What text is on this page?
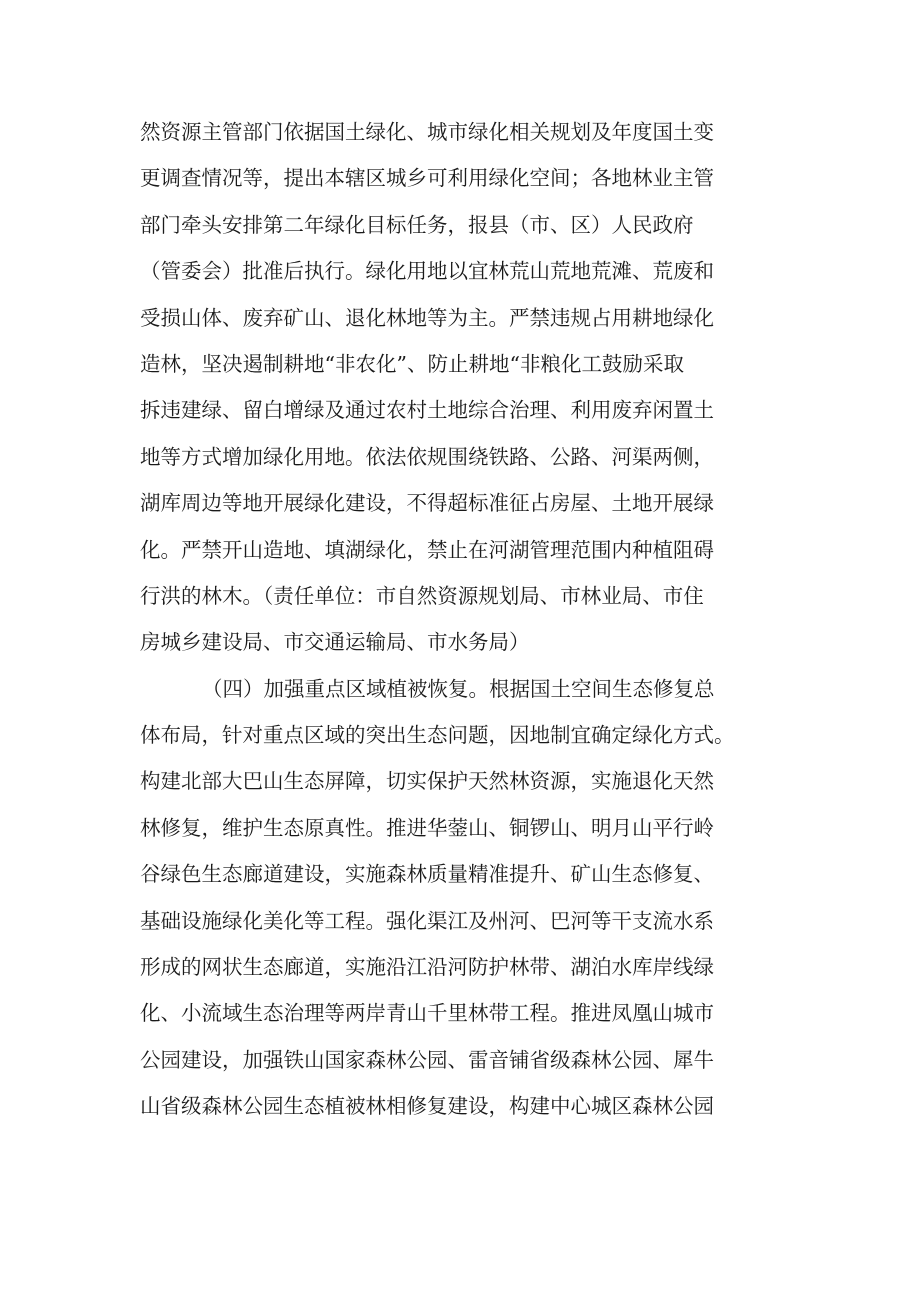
然资源主管部门依据国土绿化、城市绿化相关规划及年度国土变
更调查情况等，提出本辖区城乡可利用绿化空间；各地林业主管
部门牵头安排第二年绿化目标任务，报县（市、区）人民政府
（管委会）批准后执行。绿化用地以宜林荒山荒地荒滩、荒废和
受损山体、废弃矿山、退化林地等为主。严禁违规占用耕地绿化
造林，坚决遏制耕地“非农化”、防止耕地“非粮化工鼓励采取
拆违建绿、留白增绿及通过农村土地综合治理、利用废弃闲置土
地等方式增加绿化用地。依法依规围绕铁路、公路、河渠两侧，
湖库周边等地开展绿化建设，不得超标准征占房屋、土地开展绿
化。严禁开山造地、填湖绿化，禁止在河湖管理范围内种植阻碍
行洪的林木。（责任单位：市自然资源规划局、市林业局、市住
房城乡建设局、市交通运输局、市水务局）
（四）加强重点区域植被恢复。根据国土空间生态修复总
体布局，针对重点区域的突出生态问题，因地制宜确定绿化方式。
构建北部大巴山生态屏障，切实保护天然林资源，实施退化天然
林修复，维护生态原真性。推进华蓥山、铜锣山、明月山平行岭
谷绿色生态廊道建设，实施森林质量精准提升、矿山生态修复、
基础设施绿化美化等工程。强化渠江及州河、巴河等干支流水系
形成的网状生态廊道，实施沿江沿河防护林带、湖泊水库岸线绿
化、小流域生态治理等两岸青山千里林带工程。推进凤凰山城市
公园建设，加强铁山国家森林公园、雷音铺省级森林公园、犀牛
山省级森林公园生态植被林相修复建设，构建中心城区森林公园
